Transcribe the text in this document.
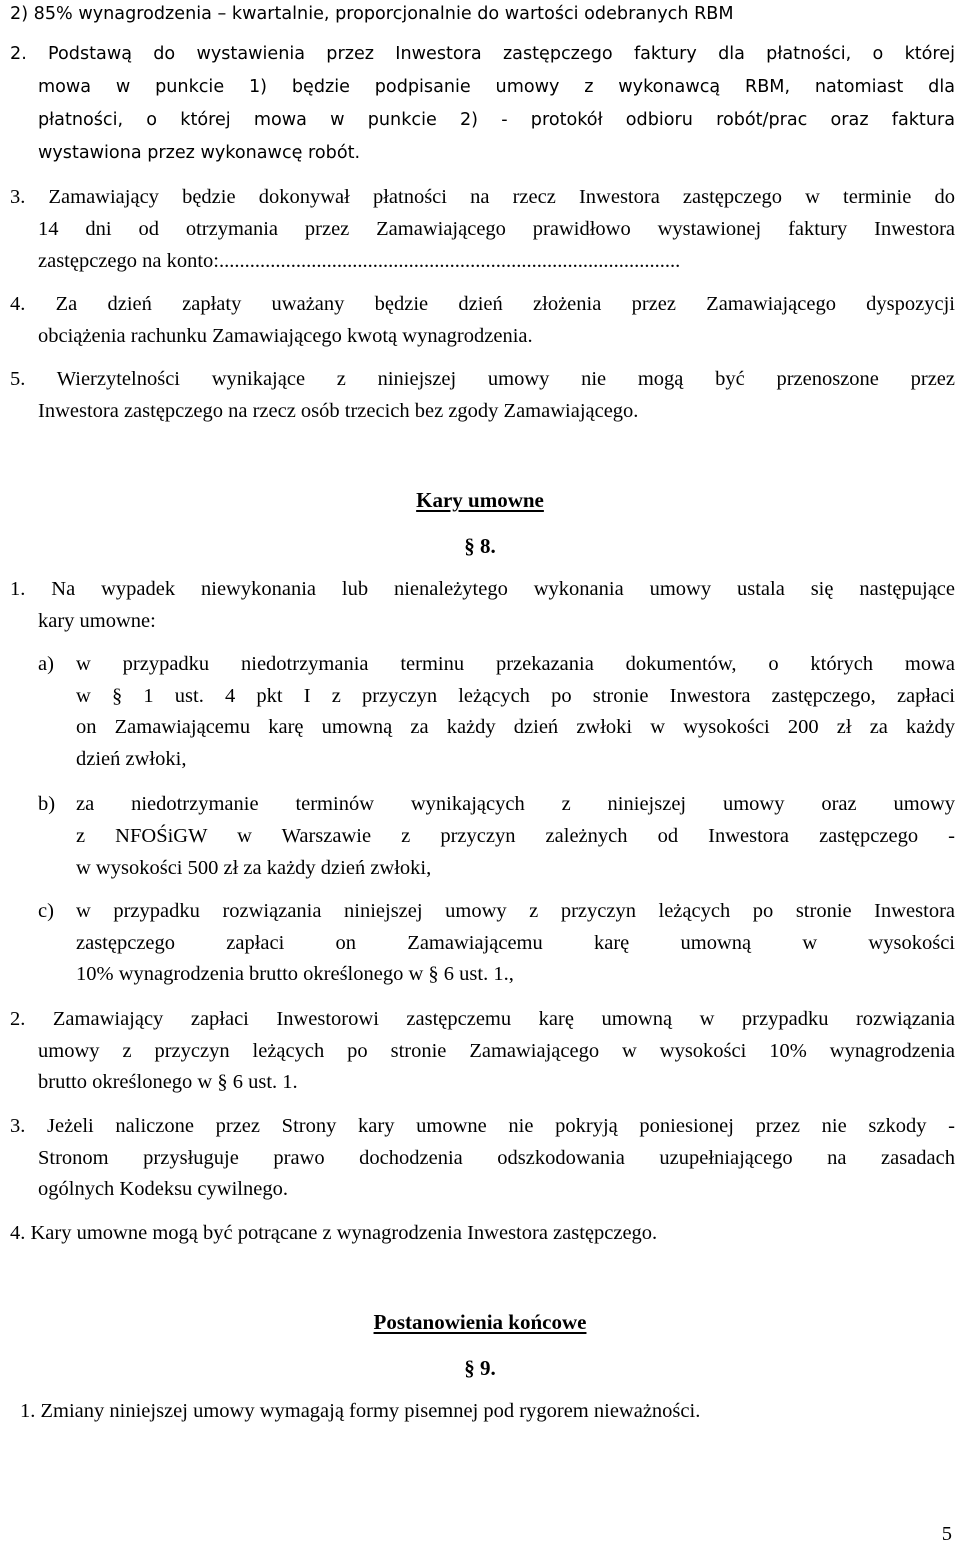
2) 85% wynagrodzenia – kwartalnie, proporcjonalnie do wartości odebranych RBM
2. Podstawą do wystawienia przez Inwestora zastępczego faktury dla płatności, o której
mowa w punkcie 1) będzie podpisanie umowy z wykonawcą RBM, natomiast dla
płatności, o której mowa w punkcie 2) - protokół odbioru robót/prac oraz faktura
wystawiona przez wykonawcę robót.
3. Zamawiający będzie dokonywał płatności na rzecz Inwestora zastępczego w terminie do
14 dni od otrzymania przez Zamawiającego prawidłowo wystawionej faktury Inwestora
zastępczego na konto:..........................................................................................
4. Za dzień zapłaty uważany będzie dzień złożenia przez Zamawiającego dyspozycji
obciążenia rachunku Zamawiającego kwotą wynagrodzenia.
5. Wierzytelności wynikające z niniejszej umowy nie mogą być przenoszone przez
Inwestora zastępczego na rzecz osób trzecich bez zgody Zamawiającego.
Kary umowne
§ 8.
1. Na wypadek niewykonania lub nienależytego wykonania umowy ustala się następujące
kary umowne:
a) w przypadku niedotrzymania terminu przekazania dokumentów, o których mowa
w § 1 ust. 4 pkt I z przyczyn leżących po stronie Inwestora zastępczego, zapłaci
on Zamawiającemu karę umowną za każdy dzień zwłoki w wysokości 200 zł za każdy
dzień zwłoki,
b) za niedotrzymanie terminów wynikających z niniejszej umowy oraz umowy
z NFOŚiGW w Warszawie z przyczyn zależnych od Inwestora zastępczego -
w wysokości 500 zł za każdy dzień zwłoki,
c) w przypadku rozwiązania niniejszej umowy z przyczyn leżących po stronie Inwestora
zastępczego zapłaci on Zamawiającemu karę umowną w wysokości
10% wynagrodzenia brutto określonego w § 6 ust. 1.,
2. Zamawiający zapłaci Inwestorowi zastępczemu karę umowną w przypadku rozwiązania
umowy z przyczyn leżących po stronie Zamawiającego w wysokości 10% wynagrodzenia
brutto określonego w § 6 ust. 1.
3. Jeżeli naliczone przez Strony kary umowne nie pokryją poniesionej przez nie szkody -
Stronom przysługuje prawo dochodzenia odszkodowania uzupełniającego na zasadach
ogólnych Kodeksu cywilnego.
4. Kary umowne mogą być potrącane z wynagrodzenia Inwestora zastępczego.
Postanowienia końcowe
§ 9.
1. Zmiany niniejszej umowy wymagają formy pisemnej pod rygorem nieważności.
5
